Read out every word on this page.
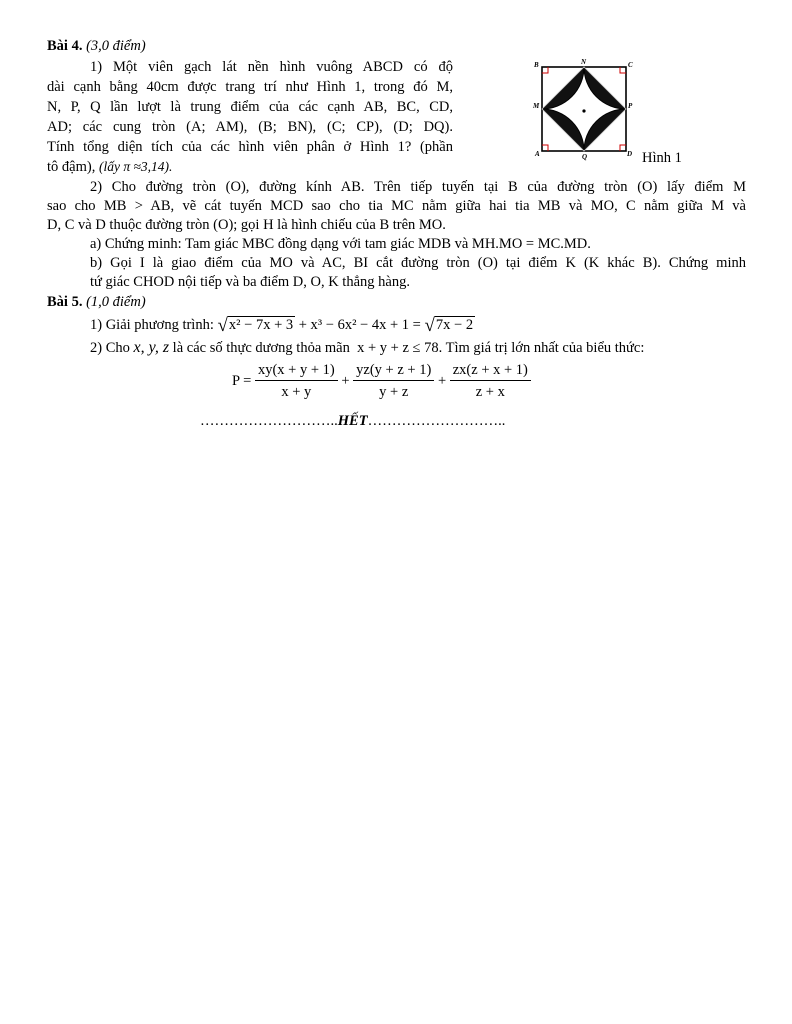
Bài 4. (3,0 điểm)
1) Một viên gạch lát nền hình vuông ABCD có độ
dài cạnh bằng 40cm được trang trí như Hình 1, trong đó M,
N, P, Q lần lượt là trung điểm của các cạnh AB, BC, CD,
AD; các cung tròn (A; AM), (B; BN), (C; CP), (D; DQ).
Tính tổng diện tích của các hình viên phân ở Hình 1? (phần
tô đậm), (lấy π ≈3,14).
B	N	C
M	P
A	Q	D Hình 1
2) Cho đường tròn (O), đường kính AB. Trên tiếp tuyến tại B của đường tròn (O) lấy điểm M
sao cho MB > AB, vẽ cát tuyến MCD sao cho tia MC nằm giữa hai tia MB và MO, C nằm giữa M và
D, C và D thuộc đường tròn (O); gọi H là hình chiếu của B trên MO.
a) Chứng minh: Tam giác MBC đồng dạng với tam giác MDB và MH.MO = MC.MD.
b) Gọi I là giao điểm của MO và AC, BI cắt đường tròn (O) tại điểm K (K khác B). Chứng minh
tứ giác CHOD nội tiếp và ba điểm D, O, K thẳng hàng.
Bài 5. (1,0 điểm)
1) Giải phương trình: √x² − 7x + 3 + x³ − 6x² − 4x + 1 = √7x − 2
2) Cho x, y, z là các số thực dương thỏa mãn x + y + z ≤ 78. Tìm giá trị lớn nhất của biểu thức:
$P = \frac{xy(x + y + 1)}{x + y} + \frac{yz(y + z + 1)}{y + z} + \frac{zx(z + x + 1)}{z + x}$
………………………..HẾT………………………..
